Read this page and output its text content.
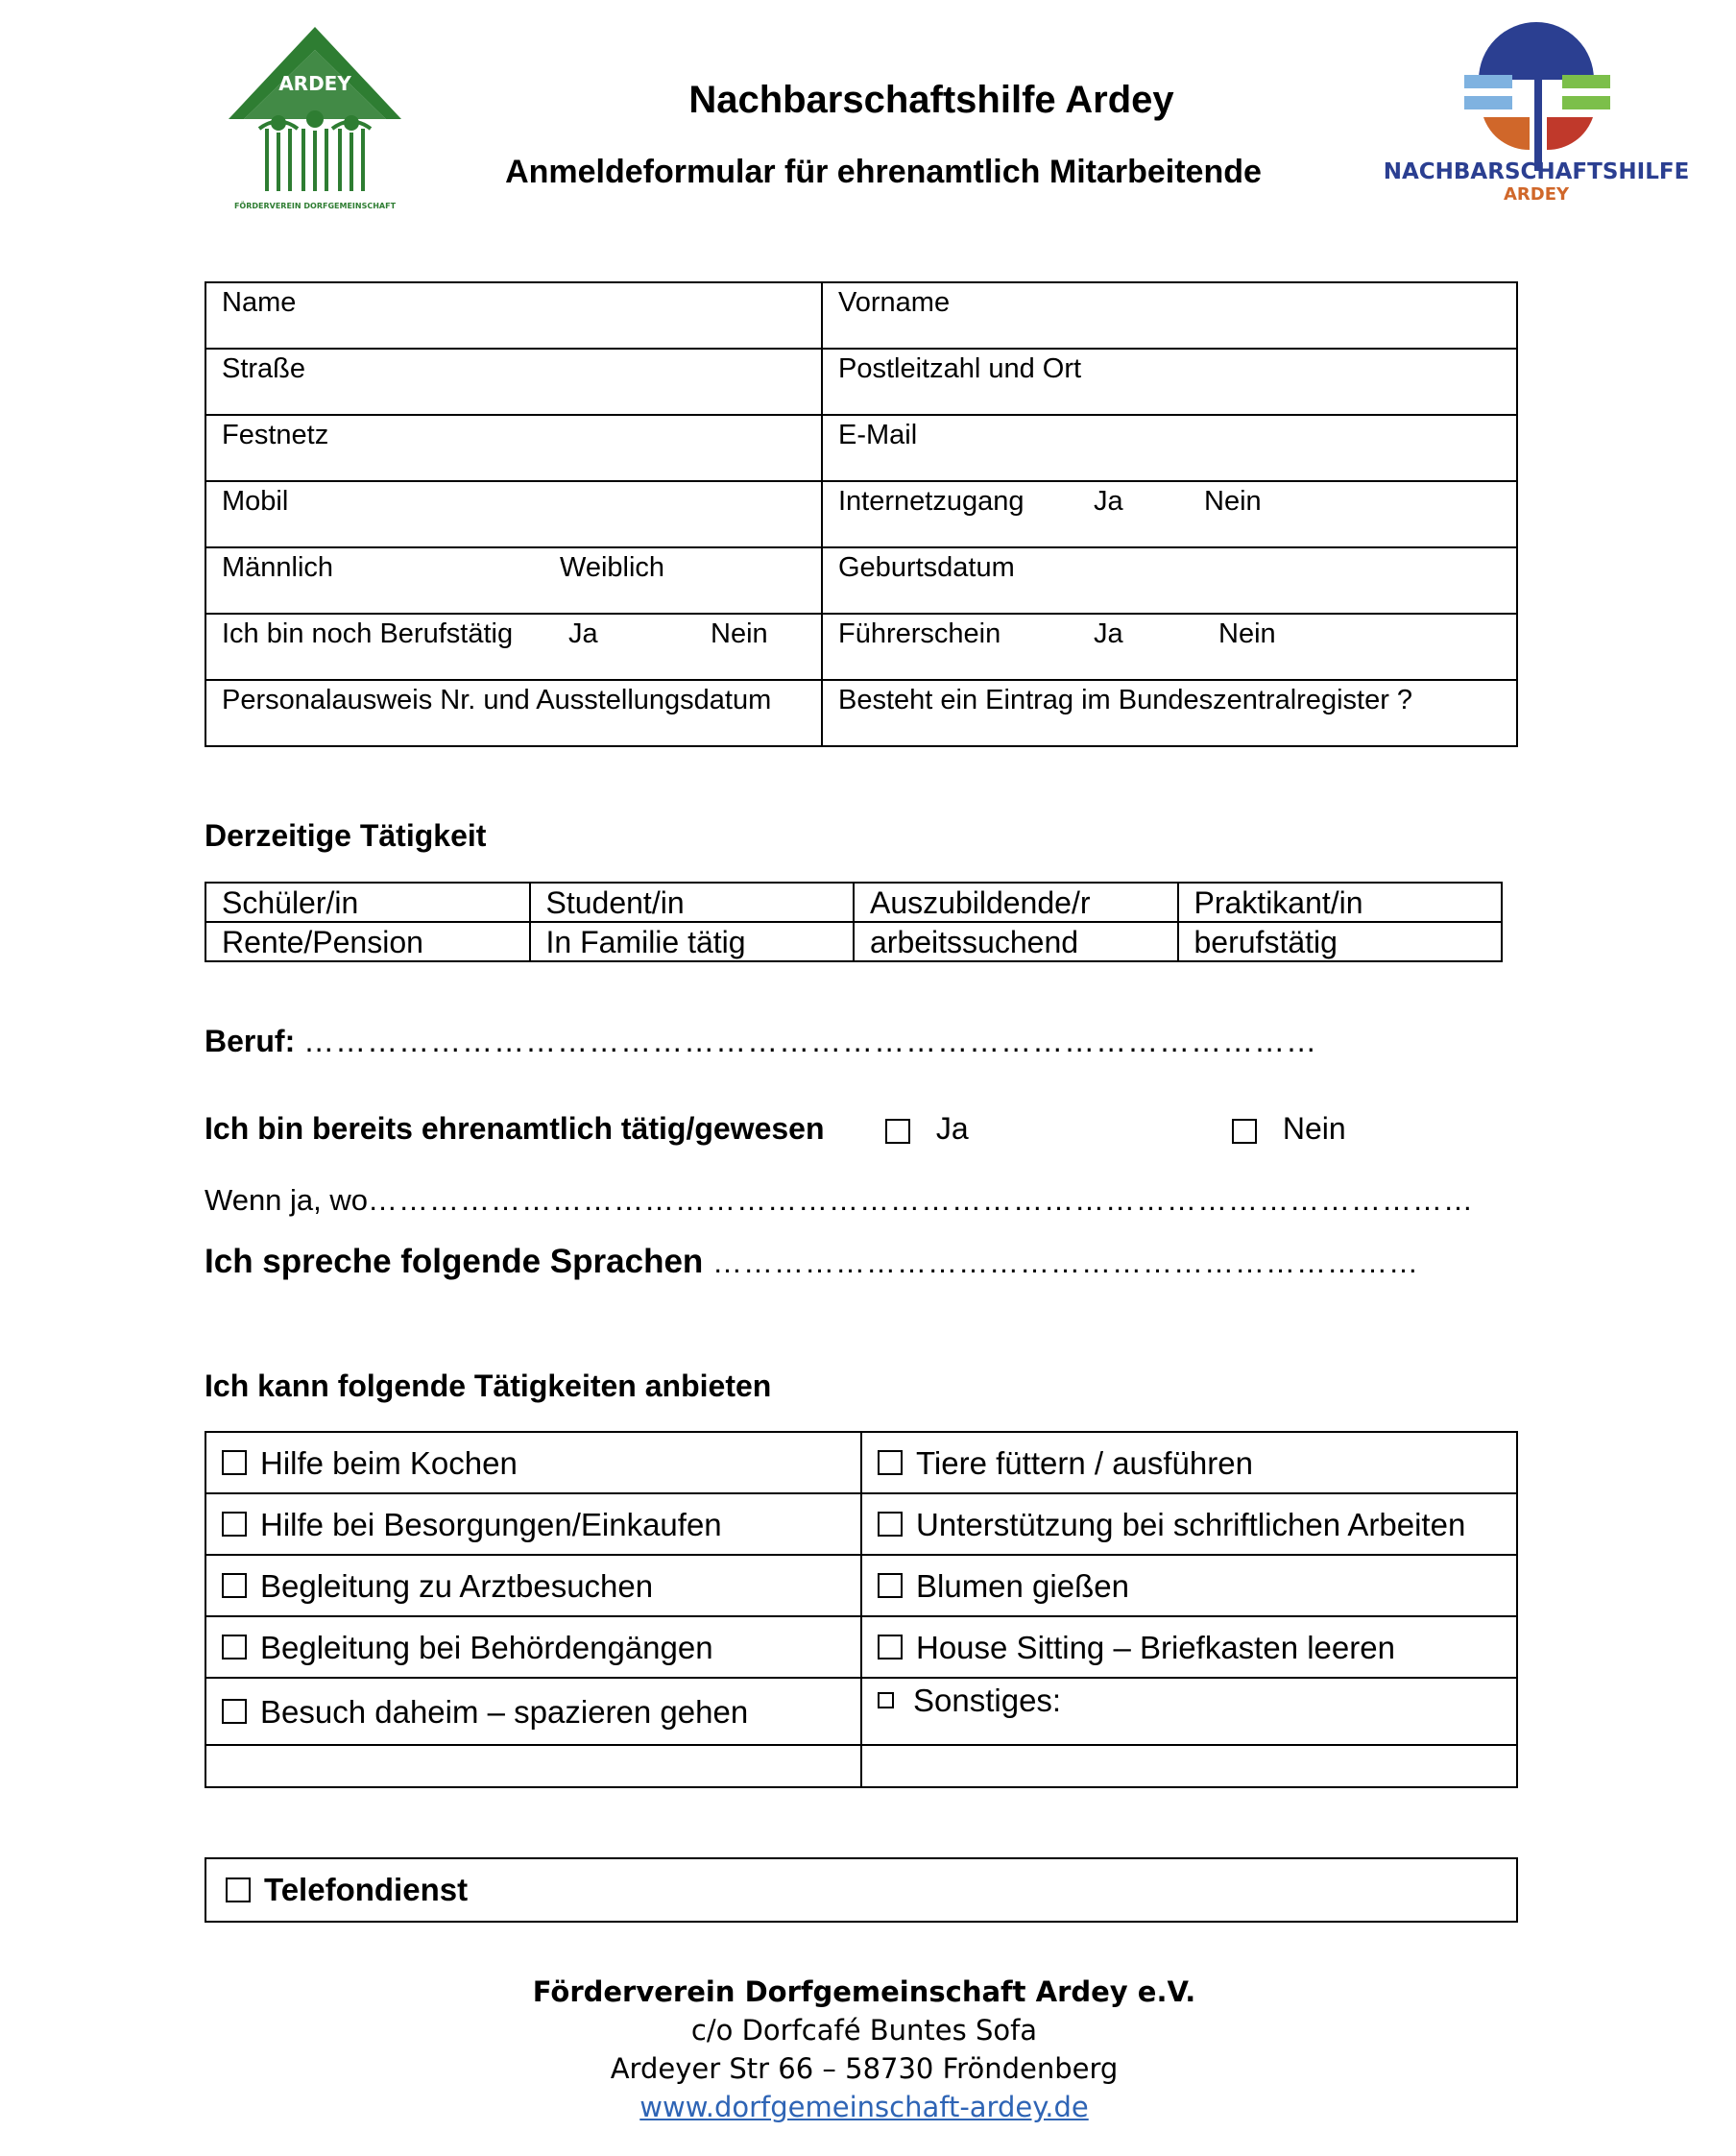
ARDEY
FÖRDERVEREIN DORFGEMEINSCHAFT
NACHBARSCHAFTSHILFE
ARDEY
Nachbarschaftshilfe Ardey
Anmeldeformular für ehrenamtlich Mitarbeitende
Name	Vorname

Straße	Postleitzahl und Ort

Festnetz	E-Mail

Mobil	Internetzugang Ja Nein

Männlich Weiblich	Geburtsdatum

Ich bin noch Berufstätig Ja Nein	Führerschein Ja Nein

Personalausweis Nr. und Ausstellungsdatum	Besteht ein Eintrag im Bundeszentralregister ?
Derzeitige Tätigkeit
Schüler/in	Student/in	Auszubildende/r	Praktikant/in
Rente/Pension	In Familie tätig	arbeitssuchend	berufstätig
Beruf: ……………………………………………………………………………………
Ich bin bereits ehrenamtlich tätig/gewesen	Ja	Nein
Wenn ja, wo………………………………………………………………………………………………
Ich spreche folgende Sprachen ……………………………………………………………
Ich kann folgende Tätigkeiten anbieten
Hilfe beim Kochen	Tiere füttern / ausführen
Hilfe bei Besorgungen/Einkaufen	Unterstützung bei schriftlichen Arbeiten
Begleitung zu Arztbesuchen	Blumen gießen
Begleitung bei Behördengängen	House Sitting – Briefkasten leeren
Besuch daheim – spazieren gehen	Sonstiges:

Telefondienst
Förderverein Dorfgemeinschaft Ardey e.V.
c/o Dorfcafé Buntes Sofa
Ardeyer Str 66 – 58730 Fröndenberg
www.dorfgemeinschaft-ardey.de
